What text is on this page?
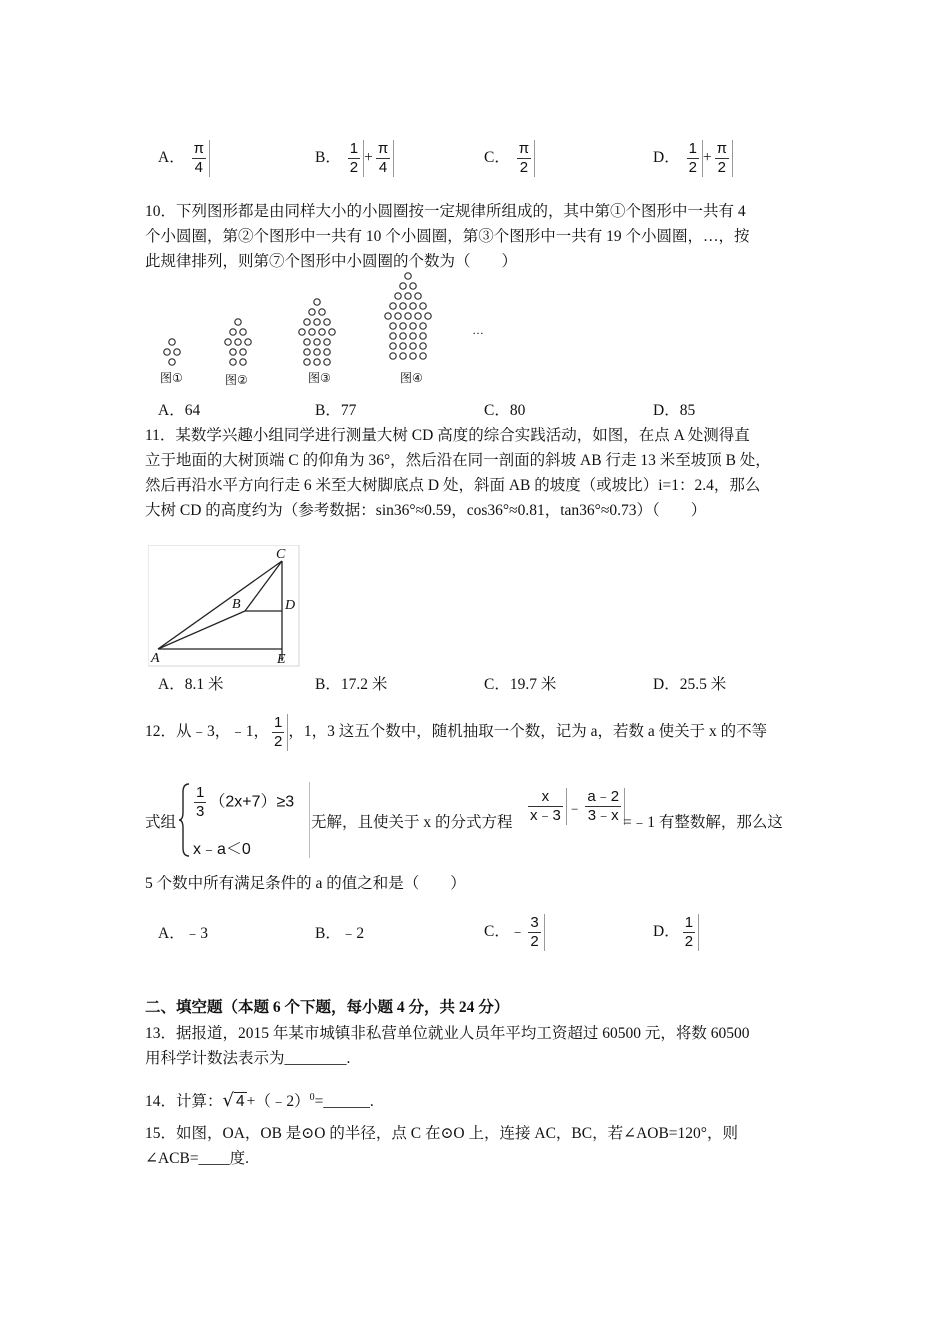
A． $\frac{\pi}{4}$	B． $\frac{1}{2} + \frac{\pi}{4}$	C． $\frac{\pi}{2}$	D． $\frac{1}{2} + \frac{\pi}{2}$
10．下列图形都是由同样大小的小圆圈按一定规律所组成的，其中第①个图形中一共有 4
个小圆圈，第②个图形中一共有 10 个小圆圈，第③个图形中一共有 19 个小圆圈，…，按
此规律排列，则第⑦个图形中小圆圈的个数为（　　）
图①	图②	图③	图④
…
A．64	B．77	C．80	D．85
11．某数学兴趣小组同学进行测量大树 CD 高度的综合实践活动，如图，在点 A 处测得直
立于地面的大树顶端 C 的仰角为 36°，然后沿在同一剖面的斜坡 AB 行走 13 米至坡顶 B 处，
然后再沿水平方向行走 6 米至大树脚底点 D 处，斜面 AB 的坡度（或坡比）i=1：2.4，那么
大树 CD 的高度约为（参考数据：sin36°≈0.59，cos36°≈0.81，tan36°≈0.73）（　　）
C
B	D
A	E
A．8.1 米	B．17.2 米	C．19.7 米	D．25.5 米
12．从﹣3，﹣1， $\frac{1}{2}$ ，1，3 这五个数中，随机抽取一个数，记为 a，若数 a 使关于 x 的不等
式组
$\frac{1}{3} (2x+7)\ge 3$
x﹣a＜0
无解，且使关于 x 的分式方程 $\frac{x}{x﹣3}$ ﹣ $\frac{a﹣2}{3﹣x}$
=﹣1 有整数解，那么这
5 个数中所有满足条件的 a 的值之和是（　　）
A．﹣3	B．﹣2	C．﹣ $\frac{3}{2}$	D． $\frac{1}{2}$
二、填空题（本题 6 个下题，每小题 4 分，共 24 分）
13．据报道，2015 年某市城镇非私营单位就业人员年平均工资超过 60500 元，将数 60500
用科学计数法表示为________.
14．计算：√ 4 +（﹣2）$^0$=______.
15．如图，OA，OB 是⊙O 的半径，点 C 在⊙O 上，连接 AC，BC，若∠AOB=120°，则
∠ACB=____度.
